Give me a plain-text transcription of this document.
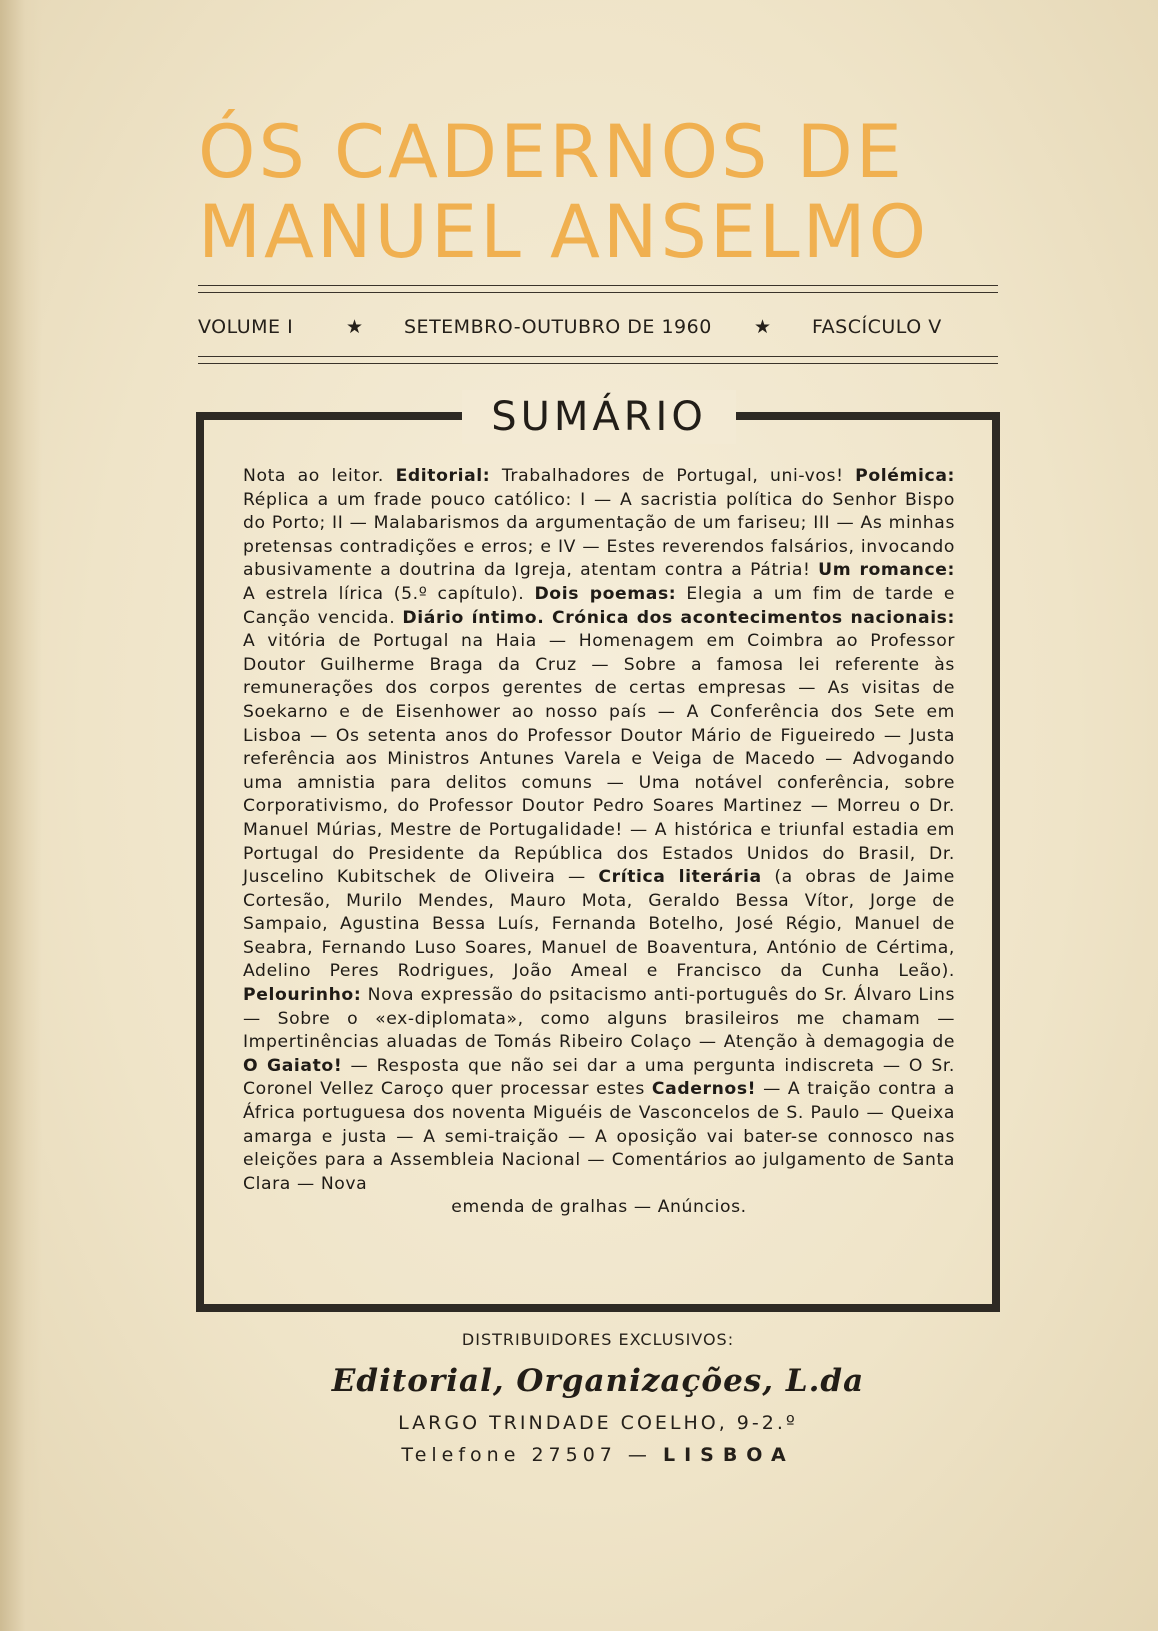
ÓS CADERNOS DE
MANUEL ANSELMO
VOLUME I	★ SETEMBRO-OUTUBRO DE 1960 ★ FASCÍCULO V
SUMÁRIO
Nota ao leitor. Editorial: Trabalhadores de Portugal, uni-vos! Polémica: Réplica a um frade pouco católico: I — A sacristia política do Senhor Bispo do Porto; II — Malabarismos da argumentação de um fariseu; III — As minhas pretensas contradições e erros; e IV — Estes reverendos falsários, invocando abusivamente a doutrina da Igreja, atentam contra a Pátria! Um romance: A estrela lírica (5.º capítulo). Dois poemas: Elegia a um fim de tarde e Canção vencida. Diário íntimo. Crónica dos acontecimentos nacionais: A vitória de Portugal na Haia — Homenagem em Coimbra ao Professor Doutor Guilherme Braga da Cruz — Sobre a famosa lei referente às remunerações dos corpos gerentes de certas empresas — As visitas de Soekarno e de Eisenhower ao nosso país — A Conferência dos Sete em Lisboa — Os setenta anos do Professor Doutor Mário de Figueiredo — Justa referência aos Ministros Antunes Varela e Veiga de Macedo — Advogando uma amnistia para delitos comuns — Uma notável conferência, sobre Corporativismo, do Professor Doutor Pedro Soares Martinez — Morreu o Dr. Manuel Múrias, Mestre de Portugalidade! — A histórica e triunfal estadia em Portugal do Presidente da República dos Estados Unidos do Brasil, Dr. Juscelino Kubitschek de Oliveira — Crítica literária (a obras de Jaime Cortesão, Murilo Mendes, Mauro Mota, Geraldo Bessa Vítor, Jorge de Sampaio, Agustina Bessa Luís, Fernanda Botelho, José Régio, Manuel de Seabra, Fernando Luso Soares, Manuel de Boaventura, António de Cértima, Adelino Peres Rodrigues, João Ameal e Francisco da Cunha Leão). Pelourinho: Nova expressão do psitacismo anti-português do Sr. Álvaro Lins — Sobre o «ex-diplomata», como alguns brasileiros me chamam — Impertinências aluadas de Tomás Ribeiro Colaço — Atenção à demagogia de O Gaiato! — Resposta que não sei dar a uma pergunta indiscreta — O Sr. Coronel Vellez Caroço quer processar estes Cadernos! — A traição contra a África portuguesa dos noventa Miguéis de Vasconcelos de S. Paulo — Queixa amarga e justa — A semi-traição — A oposição vai bater-se connosco nas eleições para a Assembleia Nacional — Comentários ao julgamento de Santa Clara — Nova
emenda de gralhas — Anúncios.
DISTRIBUIDORES EXCLUSIVOS:
Editorial, Organizações, L.da
LARGO TRINDADE COELHO, 9-2.º
Telefone 27507 — LISBOA
